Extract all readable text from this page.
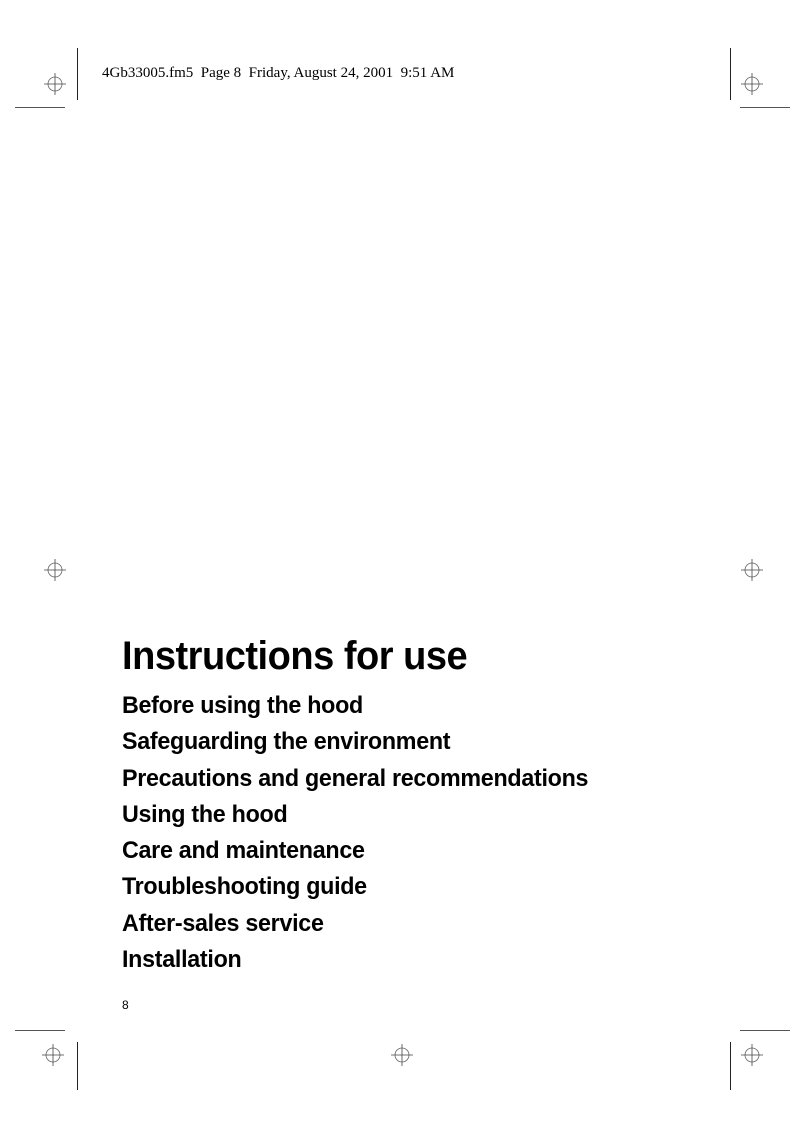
4Gb33005.fm5  Page 8  Friday, August 24, 2001  9:51 AM
Instructions for use
Before using the hood
Safeguarding the environment
Precautions and general recommendations
Using the hood
Care and maintenance
Troubleshooting guide
After-sales service
Installation
8
